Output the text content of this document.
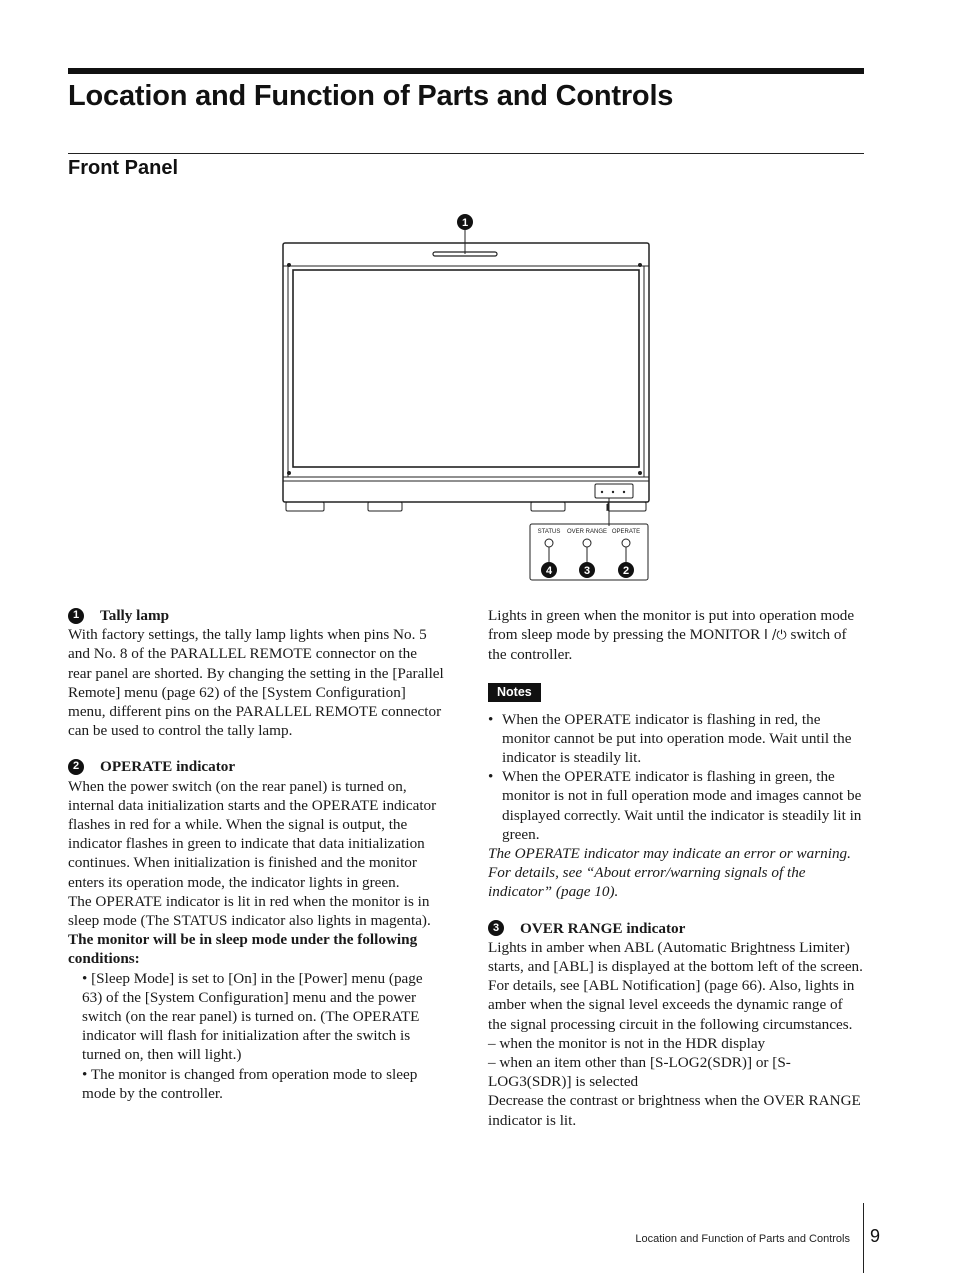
Location and Function of Parts and Controls
Front Panel
1
4	3	2
STATUS OVER RANGE OPERATE
1	Tally lamp

With factory settings, the tally lamp lights when pins No. 5 and No. 8 of the PARALLEL REMOTE connector on the rear panel are shorted. By changing the setting in the [Parallel Remote] menu (page 62) of the [System Configuration] menu, different pins on the PARALLEL REMOTE connector can be used to control the tally lamp.

2	OPERATE indicator

When the power switch (on the rear panel) is turned on, internal data initialization starts and the OPERATE indicator flashes in red for a while. When the signal is output, the indicator flashes in green to indicate that data initialization continues. When initialization is finished and the monitor enters its operation mode, the indicator lights in green.

The OPERATE indicator is lit in red when the monitor is in sleep mode (The STATUS indicator also lights in magenta).

The monitor will be in sleep mode under the following conditions:

• [Sleep Mode] is set to [On] in the [Power] menu (page 63) of the [System Configuration] menu and the power switch (on the rear panel) is turned on. (The OPERATE indicator will flash for initialization after the switch is turned on, then will light.)

• The monitor is changed from operation mode to sleep mode by the controller.

Lights in green when the monitor is put into operation mode from sleep mode by pressing the MONITOR I /⏻ switch of the controller.

Notes
• When the OPERATE indicator is flashing in red, the monitor cannot be put into operation mode. Wait until the indicator is steadily lit.
• When the OPERATE indicator is flashing in green, the monitor is not in full operation mode and images cannot be displayed correctly. Wait until the indicator is steadily lit in green.

The OPERATE indicator may indicate an error or warning. For details, see “About error/warning signals of the indicator” (page 10).

3	OVER RANGE indicator

Lights in amber when ABL (Automatic Brightness Limiter) starts, and [ABL] is displayed at the bottom left of the screen. For details, see [ABL Notification] (page 66). Also, lights in amber when the signal level exceeds the dynamic range of the signal processing circuit in the following circumstances.

– when the monitor is not in the HDR display

– when an item other than [S-LOG2(SDR)] or [S-LOG3(SDR)] is selected

Decrease the contrast or brightness when the OVER RANGE indicator is lit.

Location and Function of Parts and Controls 9
